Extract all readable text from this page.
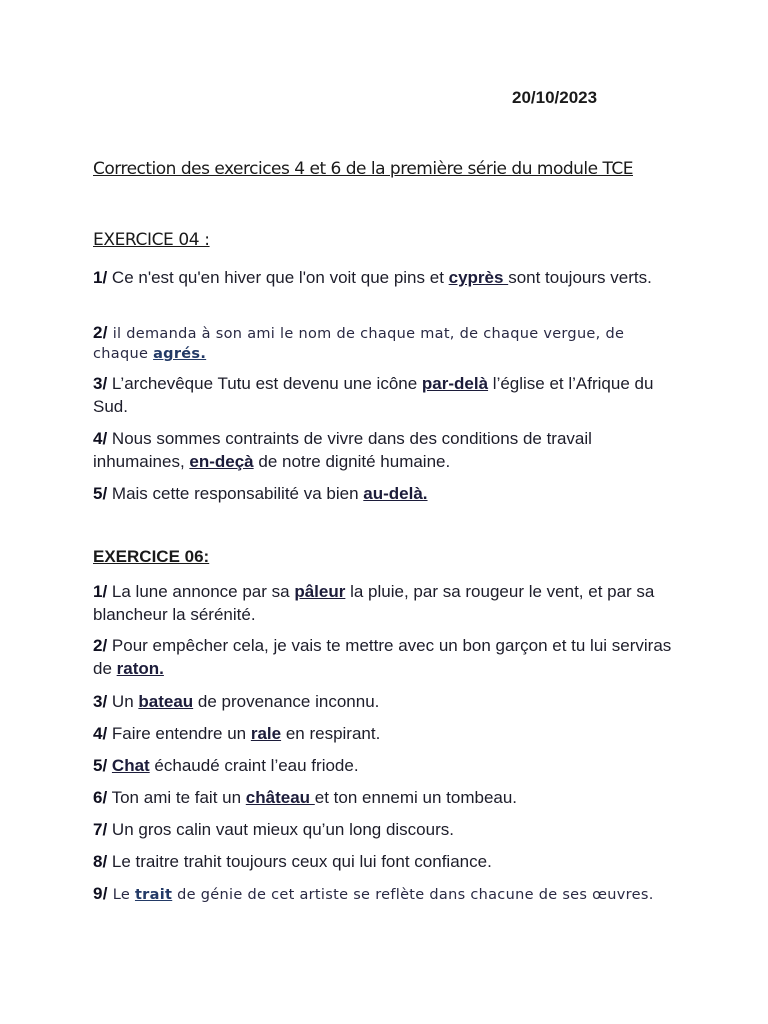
20/10/2023
Correction des exercices 4 et 6 de la première série du module TCE
EXERCICE 04 :
1/ Ce n'est qu'en hiver que l'on voit que pins et cyprès sont toujours verts.
2/ il demanda à son ami le nom de chaque mat, de chaque vergue, de chaque agrés.
3/ L’archevêque Tutu est devenu une icône par-delà l’église et l’Afrique du Sud.
4/ Nous sommes contraints de vivre dans des conditions de travail inhumaines, en-deçà de notre dignité humaine.
5/ Mais cette responsabilité va bien au-delà.
EXERCICE 06:
1/ La lune annonce par sa pâleur la pluie, par sa rougeur le vent, et par sa blancheur la sérénité.
2/ Pour empêcher cela, je vais te mettre avec un bon garçon et tu lui serviras de raton.
3/ Un bateau de provenance inconnu.
4/ Faire entendre un rale en respirant.
5/ Chat échaudé craint l’eau friode.
6/ Ton ami te fait un château et ton ennemi un tombeau.
7/ Un gros calin vaut mieux qu’un long discours.
8/ Le traitre trahit toujours ceux qui lui font confiance.
9/ Le trait de génie de cet artiste se reflète dans chacune de ses œuvres.
